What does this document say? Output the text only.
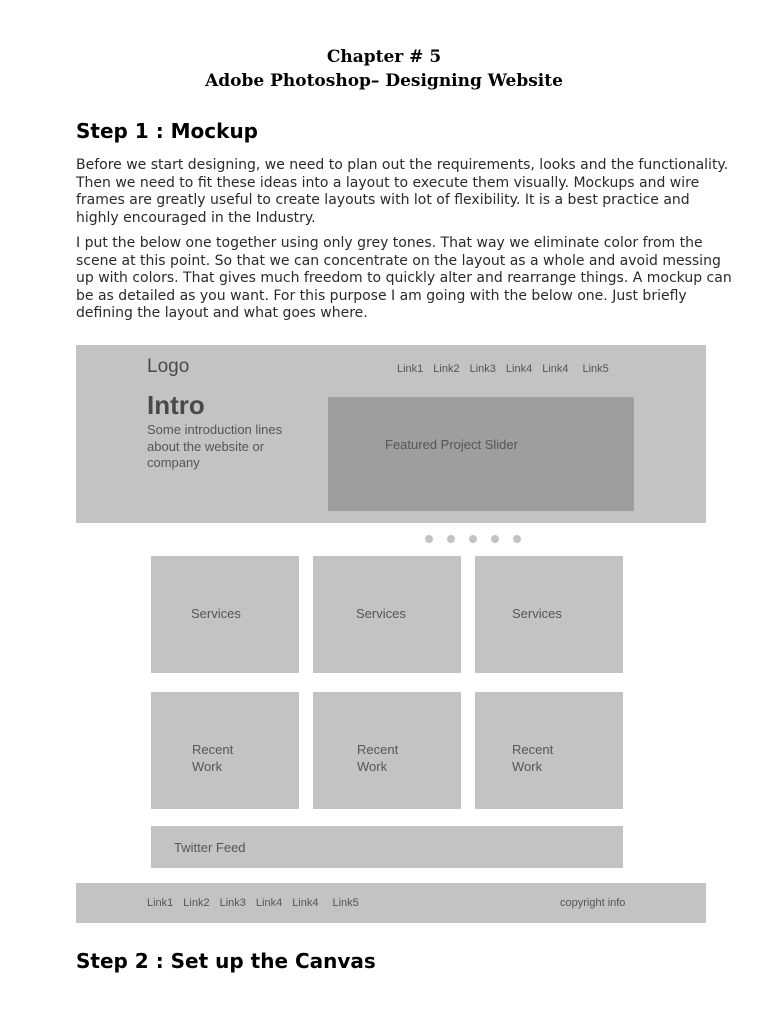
Chapter # 5
Adobe Photoshop– Designing Website
Step 1 : Mockup

Before we start designing, we need to plan out the requirements, looks and the functionality. Then we need to fit these ideas into a layout to execute them visually. Mockups and wire frames are greatly useful to create layouts with lot of flexibility. It is a best practice and highly encouraged in the Industry.

I put the below one together using only grey tones. That way we eliminate color from the scene at this point. So that we can concentrate on the layout as a whole and avoid messing up with colors. That gives much freedom to quickly alter and rearrange things. A mockup can be as detailed as you want. For this purpose I am going with the below one. Just briefly defining the layout and what goes where.

Logo	Link1 Link2 Link3 Link4 Link4 Link5
Intro
Some introduction lines about the website or company
Featured Project Slider
Services	Services	Services
Recent Work
Recent Work
Recent Work
Twitter Feed
Link1 Link2 Link3 Link4 Link4 Link5	copyright info
Step 2 : Set up the Canvas
